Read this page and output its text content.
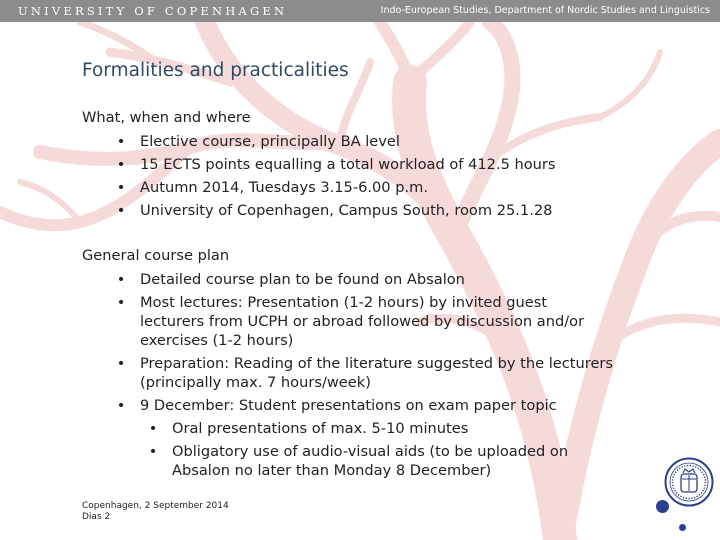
UNIVERSITY OF COPENHAGEN	Indo-European Studies, Department of Nordic Studies and Linguistics
Formalities and practicalities
What, when and where
• Elective course, principally BA level
• 15 ECTS points equalling a total workload of 412.5 hours
• Autumn 2014, Tuesdays 3.15-6.00 p.m.
• University of Copenhagen, Campus South, room 25.1.28
General course plan
• Detailed course plan to be found on Absalon
• Most lectures: Presentation (1-2 hours) by invited guest lecturers from UCPH or abroad followed by discussion and/or exercises (1-2 hours)
• Preparation: Reading of the literature suggested by the lecturers (principally max. 7 hours/week)
• 9 December: Student presentations on exam paper topic
• Oral presentations of max. 5-10 minutes
• Obligatory use of audio-visual aids (to be uploaded on Absalon no later than Monday 8 December)
Copenhagen, 2 September 2014
Dias 2
